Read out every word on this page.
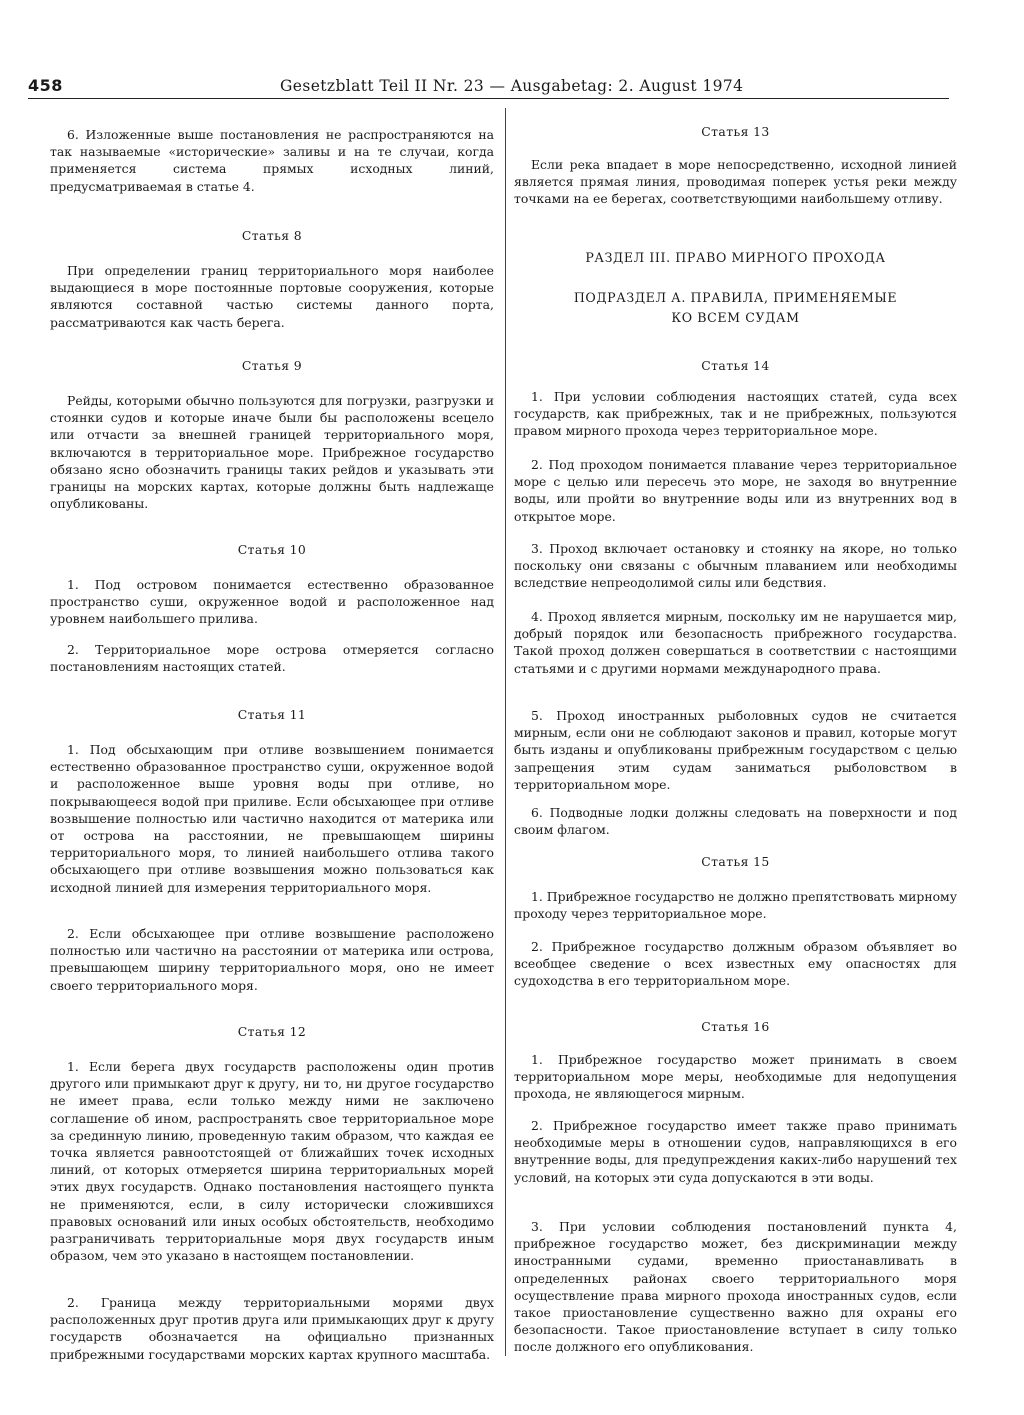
458	Gesetzblatt Teil II Nr. 23 — Ausgabetag: 2. August 1974

6. Изложенные выше постановления не распространяются на так называемые «исторические» заливы и на те случаи, когда применяется система прямых исходных линий, предусматриваемая в статье 4.

Статья 8

При определении границ территориального моря наиболее выдающиеся в море постоянные портовые сооружения, которые являются составной частью системы данного порта, рассматриваются как часть берега.

Статья 9

Рейды, которыми обычно пользуются для погрузки, разгрузки и стоянки судов и которые иначе были бы расположены всецело или отчасти за внешней границей территориального моря, включаются в территориальное море. Прибрежное государство обязано ясно обозначить границы таких рейдов и указывать эти границы на морских картах, которые должны быть надлежаще опубликованы.

Статья 10

1. Под островом понимается естественно образованное пространство суши, окруженное водой и расположенное над уровнем наибольшего прилива.

2. Территориальное море острова отмеряется согласно постановлениям настоящих статей.

Статья 11

1. Под обсыхающим при отливе возвышением понимается естественно образованное пространство суши, окруженное водой и расположенное выше уровня воды при отливе, но покрывающееся водой при приливе. Если обсыхающее при отливе возвышение полностью или частично находится от материка или от острова на расстоянии, не превышающем ширины территориального моря, то линией наибольшего отлива такого обсыхающего при отливе возвышения можно пользоваться как исходной линией для измерения территориального моря.

2. Если обсыхающее при отливе возвышение расположено полностью или частично на расстоянии от материка или острова, превышающем ширину территориального моря, оно не имеет своего территориального моря.

Статья 12

1. Если берега двух государств расположены один против другого или примыкают друг к другу, ни то, ни другое государство не имеет права, если только между ними не заключено соглашение об ином, распространять свое территориальное море за срединную линию, проведенную таким образом, что каждая ее точка является равноотстоящей от ближайших точек исходных линий, от которых отмеряется ширина территориальных морей этих двух государств. Однако постановления настоящего пункта не применяются, если, в силу исторически сложившихся правовых оснований или иных особых обстоятельств, необходимо разграничивать территориальные моря двух государств иным образом, чем это указано в настоящем постановлении.

2. Граница между территориальными морями двух расположенных друг против друга или примыкающих друг к другу государств обозначается на официально признанных прибрежными государствами морских картах крупного масштаба.

Статья 13

Если река впадает в море непосредственно, исходной линией является прямая линия, проводимая поперек устья реки между точками на ее берегах, соответствующими наибольшему отливу.

РАЗДЕЛ III. ПРАВО МИРНОГО ПРОХОДА

ПОДРАЗДЕЛ А. ПРАВИЛА, ПРИМЕНЯЕМЫЕ

КО ВСЕМ СУДАМ

Статья 14

1. При условии соблюдения настоящих статей, суда всех государств, как прибрежных, так и не прибрежных, пользуются правом мирного прохода через территориальное море.

2. Под проходом понимается плавание через территориальное море с целью или пересечь это море, не заходя во внутренние воды, или пройти во внутренние воды или из внутренних вод в открытое море.

3. Проход включает остановку и стоянку на якоре, но только поскольку они связаны с обычным плаванием или необходимы вследствие непреодолимой силы или бедствия.

4. Проход является мирным, поскольку им не нарушается мир, добрый порядок или безопасность прибрежного государства. Такой проход должен совершаться в соответствии с настоящими статьями и с другими нормами международного права.

5. Проход иностранных рыболовных судов не считается мирным, если они не соблюдают законов и правил, которые могут быть изданы и опубликованы прибрежным государством с целью запрещения этим судам заниматься рыболовством в территориальном море.

6. Подводные лодки должны следовать на поверхности и под своим флагом.

Статья 15

1. Прибрежное государство не должно препятствовать мирному проходу через территориальное море.

2. Прибрежное государство должным образом объявляет во всеобщее сведение о всех известных ему опасностях для судоходства в его территориальном море.

Статья 16

1. Прибрежное государство может принимать в своем территориальном море меры, необходимые для недопущения прохода, не являющегося мирным.

2. Прибрежное государство имеет также право принимать необходимые меры в отношении судов, направляющихся в его внутренние воды, для предупреждения каких-либо нарушений тех условий, на которых эти суда допускаются в эти воды.

3. При условии соблюдения постановлений пункта 4, прибрежное государство может, без дискриминации между иностранными судами, временно приостанавливать в определенных районах своего территориального моря осуществление права мирного прохода иностранных судов, если такое приостановление существенно важно для охраны его безопасности. Такое приостановление вступает в силу только после должного его опубликования.
